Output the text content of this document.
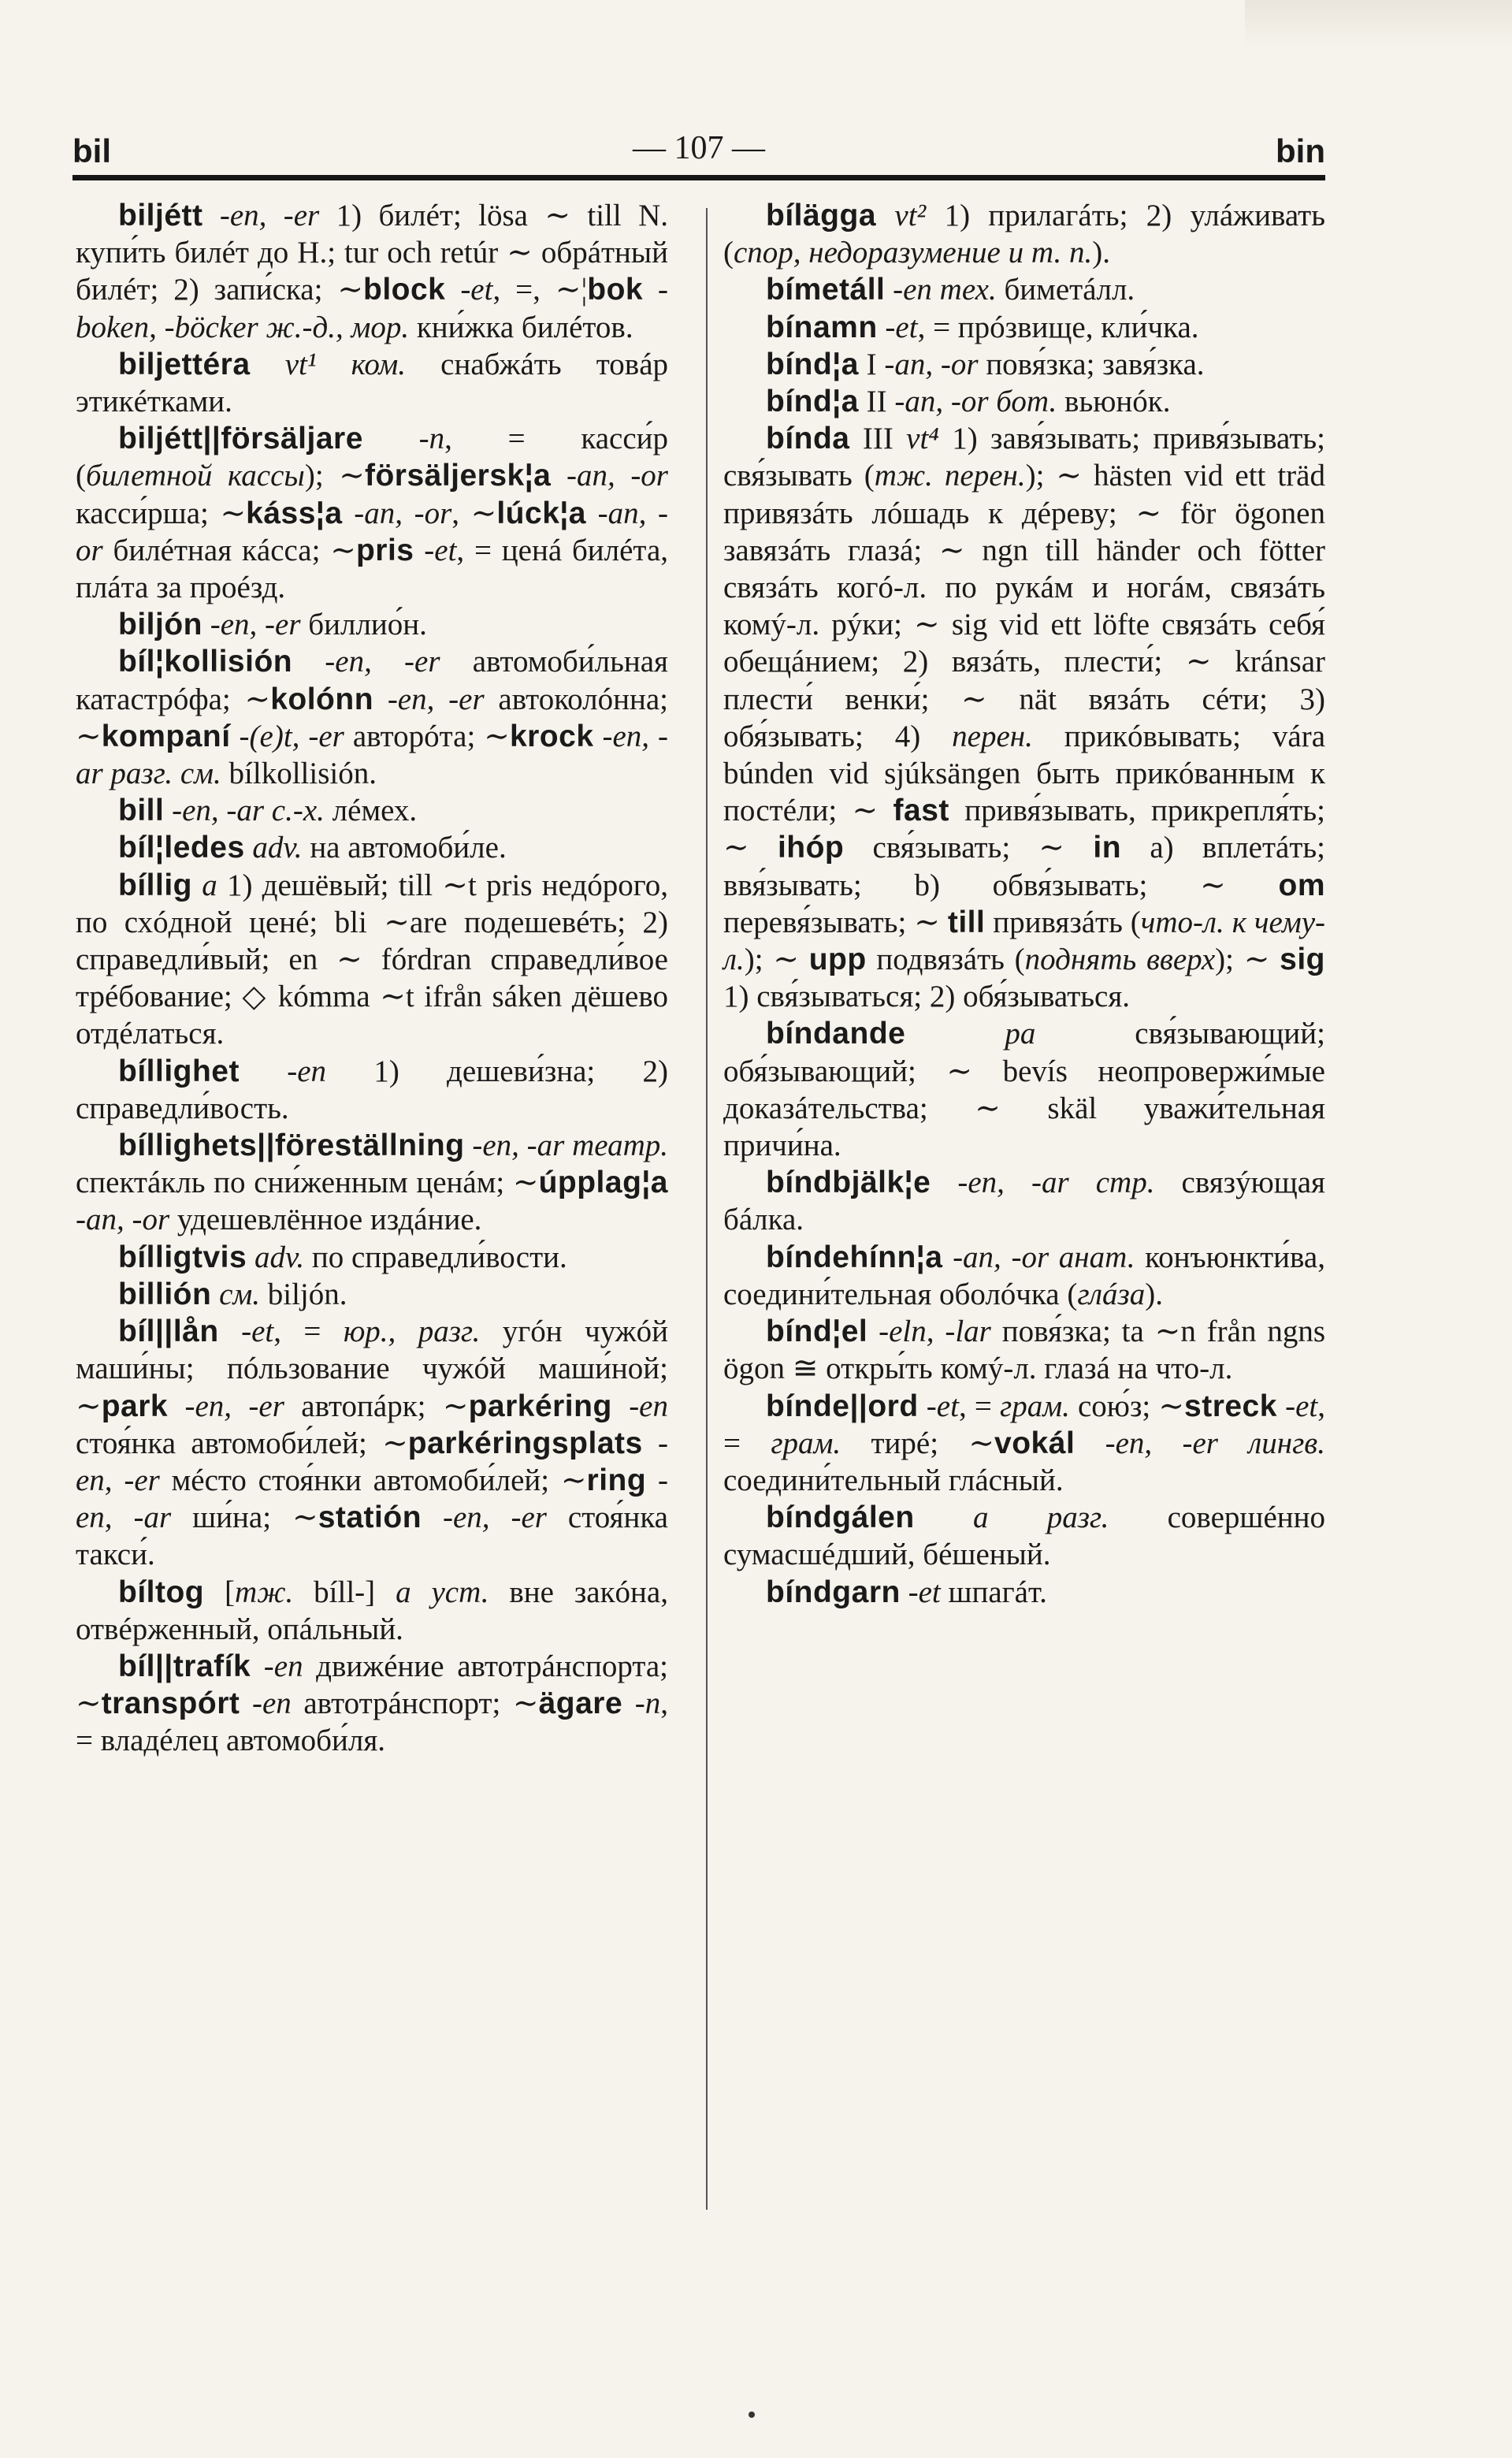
bil	— 107 —	bin

biljétt -en, -er 1) билéт; lösa ∼ till N. купи́ть билéт до Н.; tur och retúr ∼ обрáтный билéт; 2) запи́ска; ∼block -et, =, ∼¦bok -boken, -böcker ж.-д., мор. кни́жка билéтов.

biljettéra vt¹ ком. снабжáть товáр этикéтками.

biljétt||försäljare -n, = касси́р (билетной кассы); ∼försäljersk¦a -an, -or касси́рша; ∼káss¦a -an, -or, ∼lúck¦a -an, -or билéтная кáсса; ∼pris -et, = ценá билéта, плáта за проéзд.

biljón -en, -er биллио́н.

bíl¦kollisión -en, -er автомоби́льная катастрóфа; ∼kolónn -en, -er автоколóнна; ∼kompaní -(e)t, -er авторóта; ∼krock -en, -ar разг. см. bílkollisión.

bill -en, -ar с.-х. лéмех.

bíl¦ledes adv. на автомоби́ле.

bíllig a 1) дешёвый; till ∼t pris недóрого, по схóдной ценé; bli ∼are подешевéть; 2) справедли́вый; en ∼ fórdran справедли́вое трéбование; ◇ kómma ∼t ifrån sáken дёшево отдéлаться.

bíllighet -en 1) дешеви́зна; 2) справедли́вость.

bíllighets||föreställning -en, -ar театр. спектáкль по сни́женным ценáм; ∼úpplag¦a -an, -or удешевлённое издáние.

bílligtvis adv. по справедли́вости.

billión см. biljón.

bíl||lån -et, = юр., разг. угóн чужóй маши́ны; пóльзование чужóй маши́ной; ∼park -en, -er автопáрк; ∼parkéring -en стоя́нка автомоби́лей; ∼parkéringsplats -en, -er мéсто стоя́нки автомоби́лей; ∼ring -en, -ar ши́на; ∼statión -en, -er стоя́нка такси́.

bíltog [тж. bíll-] a уст. вне закóна, отвéрженный, опáльный.

bíl||trafík -en движéние автотрáнспорта; ∼transpórt -en автотрáнспорт; ∼ägare -n, = владéлец автомоби́ля.

bílägga vt² 1) прилагáть; 2) улáживать (спор, недоразумение и т. п.).

bímetáll -en тех. биметáлл.

bínamn -et, = прóзвище, кли́чка.

bínd¦a I -an, -or повя́зка; завя́зка.

bínd¦a II -an, -or бот. вьюнóк.

bínda III vt⁴ 1) завя́зывать; привя́зывать; свя́зывать (тж. перен.); ∼ hästen vid ett träd привязáть лóшадь к дéреву; ∼ för ögonen завязáть глазá; ∼ ngn till händer och fötter связáть когó-л. по рукáм и ногáм, связáть комý-л. рýки; ∼ sig vid ett löfte связáть себя́ обещáнием; 2) вязáть, плести́; ∼ kránsar плести́ венки́; ∼ nät вязáть сéти; 3) обя́зывать; 4) перен. прикóвывать; vára búnden vid sjúksängen быть прикóванным к постéли; ∼ fast привя́зывать, прикрепля́ть; ∼ ihóp свя́зывать; ∼ in a) вплетáть; ввя́зывать; b) обвя́зывать; ∼ om перевя́зывать; ∼ till привязáть (что-л. к чему-л.); ∼ upp подвязáть (поднять вверх); ∼ sig 1) свя́зываться; 2) обя́зываться.

bíndande	pa свя́зывающий; обя́зывающий; ∼ bevís неопровержи́мые доказáтельства; ∼ skäl уважи́тельная причи́на.

bíndbjälk¦e -en, -ar стр. связýющая бáлка.

bíndehínn¦a -an, -or анат. конъюнкти́ва, соедини́тельная оболóчка (глáза).

bínd¦el -eln, -lar повя́зка; ta ∼n från ngns ögon ≅ откры́ть комý-л. глазá на что-л.

bínde||ord -et, = грам. сою́з; ∼streck -et, = грам. тирé; ∼vokál -en, -er лингв. соедини́тельный глáсный.

bíndgálen a разг. совершéнно сумасшéдший, бéшеный.

bíndgarn -et шпагáт.
